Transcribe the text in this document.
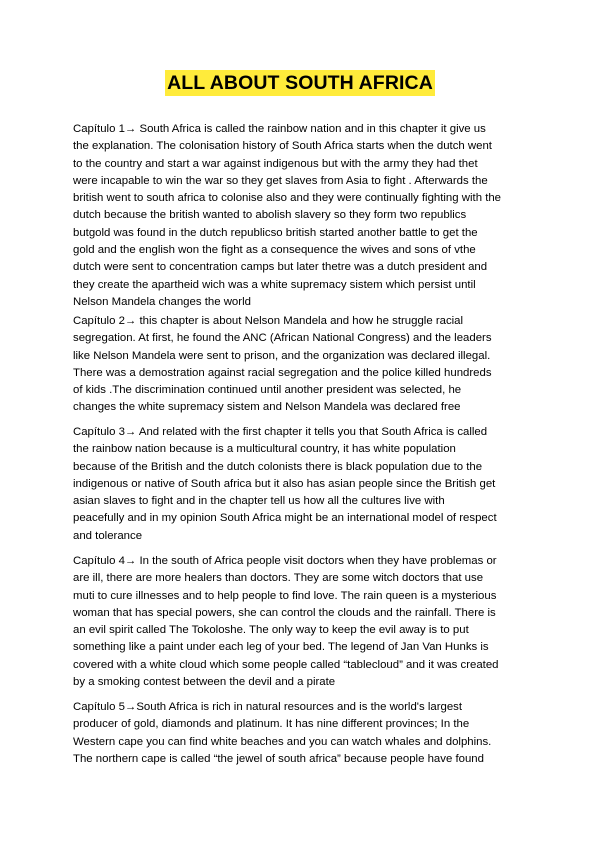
ALL ABOUT SOUTH AFRICA

Capítulo 1→ South Africa is called the rainbow nation and in this chapter it give us
the explanation. The colonisation history of South Africa starts when the dutch went
to the country and start a war against indigenous but with the army they had thet
were incapable to win the war so they get slaves from Asia to fight . Afterwards the
british went to south africa to colonise also and they were continually fighting with the
dutch because the british wanted to abolish slavery so they form two republics
butgold was found in the dutch republicso british started another battle to get the
gold and the english won the fight as a consequence the wives and sons of vthe
dutch were sent to concentration camps but later thetre was a dutch president and
they create the apartheid wich was a white supremacy sistem which persist until
Nelson Mandela changes the world

Capítulo 2→ this chapter is about Nelson Mandela and how he struggle racial
segregation. At first, he found the ANC (African National Congress) and the leaders
like Nelson Mandela were sent to prison, and the organization was declared illegal.
There was a demostration against racial segregation and the police killed hundreds
of kids .The discrimination continued until another president was selected, he
changes the white supremacy sistem and Nelson Mandela was declared free

Capítulo 3→ And related with the first chapter it tells you that South Africa is called
the rainbow nation because is a multicultural country, it has white population
because of the British and the dutch colonists there is black population due to the
indigenous or native of South africa but it also has asian people since the British get
asian slaves to fight and in the chapter tell us how all the cultures live with
peacefully and in my opinion South Africa might be an international model of respect
and tolerance

Capítulo 4→ In the south of Africa people visit doctors when they have problemas or
are ill, there are more healers than doctors. They are some witch doctors that use
muti to cure illnesses and to help people to find love. The rain queen is a mysterious
woman that has special powers, she can control the clouds and the rainfall. There is
an evil spirit called The Tokoloshe. The only way to keep the evil away is to put
something like a paint under each leg of your bed. The legend of Jan Van Hunks is
covered with a white cloud which some people called “tablecloud” and it was created
by a smoking contest between the devil and a pirate

Capítulo 5→South Africa is rich in natural resources and is the world's largest
producer of gold, diamonds and platinum. It has nine different provinces; In the
Western cape you can find white beaches and you can watch whales and dolphins.
The northern cape is called “the jewel of south africa” because people have found
